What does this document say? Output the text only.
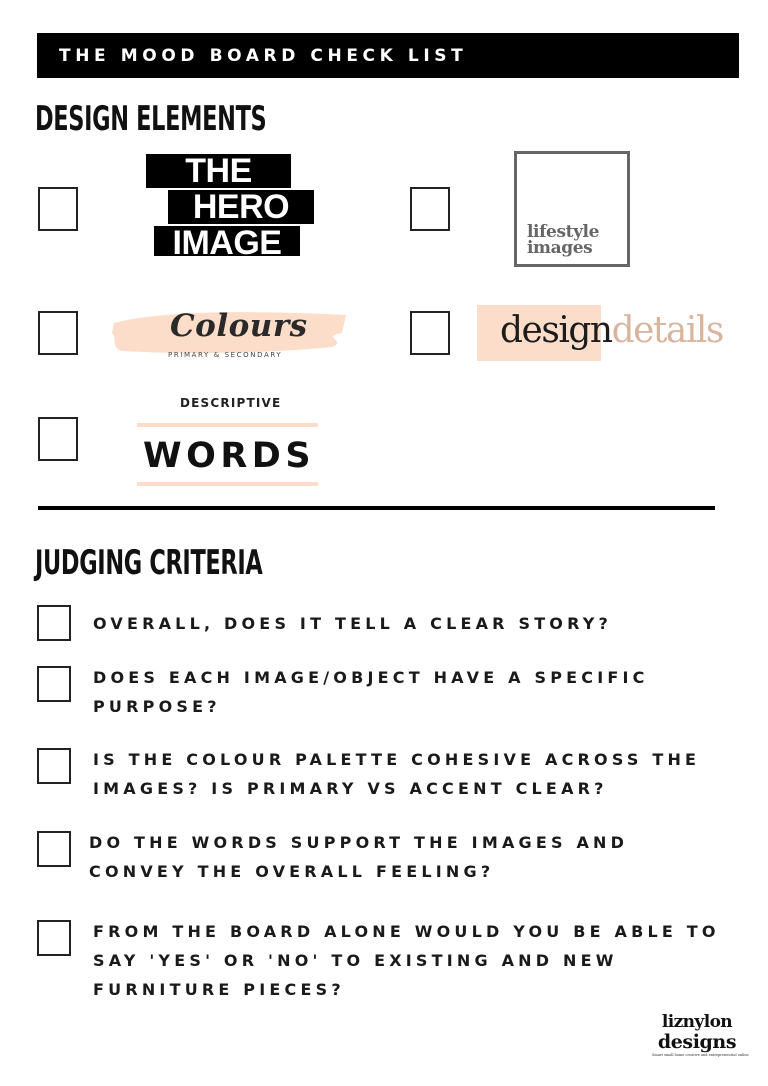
THE MOOD BOARD CHECK LIST
DESIGN ELEMENTS
THE
HERO
IMAGE	lifestyle
images
Colours
PRIMARY & SECONDARY
designdetails
DESCRIPTIVE
WORDS
JUDGING CRITERIA
OVERALL, DOES IT TELL A CLEAR STORY?
DOES EACH IMAGE/OBJECT HAVE A SPECIFIC
PURPOSE?
IS THE COLOUR PALETTE COHESIVE ACROSS THE
IMAGES? IS PRIMARY VS ACCENT CLEAR?
DO THE WORDS SUPPORT THE IMAGES AND
CONVEY THE OVERALL FEELING?
FROM THE BOARD ALONE WOULD YOU BE ABLE TO
SAY 'YES' OR 'NO' TO EXISTING AND NEW
FURNITURE PIECES?
liznylon
designs
Smart small home creative and entrepreneurial online
